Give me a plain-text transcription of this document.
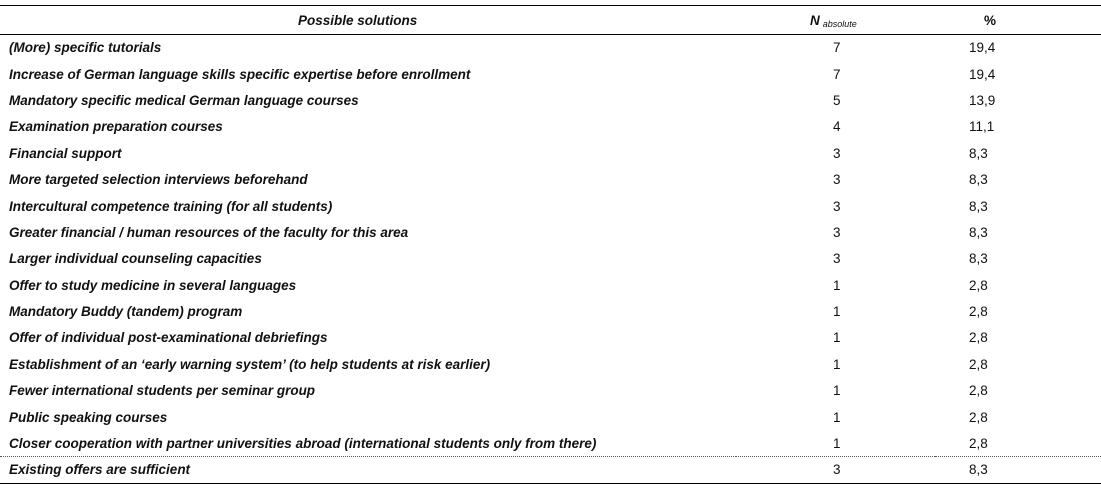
Possible solutions	N absolute	%
(More) specific tutorials	7	19,4
Increase of German language skills specific expertise before enrollment	7	19,4
Mandatory specific medical German language courses	5	13,9
Examination preparation courses	4	11,1
Financial support	3	8,3
More targeted selection interviews beforehand	3	8,3
Intercultural competence training (for all students)	3	8,3
Greater financial / human resources of the faculty for this area	3	8,3
Larger individual counseling capacities	3	8,3
Offer to study medicine in several languages	1	2,8
Mandatory Buddy (tandem) program	1	2,8
Offer of individual post-examinational debriefings	1	2,8
Establishment of an ‘early warning system’ (to help students at risk earlier)	1	2,8
Fewer international students per seminar group	1	2,8
Public speaking courses	1	2,8
Closer cooperation with partner universities abroad (international students only from there)	1	2,8
Existing offers are sufficient	3	8,3
